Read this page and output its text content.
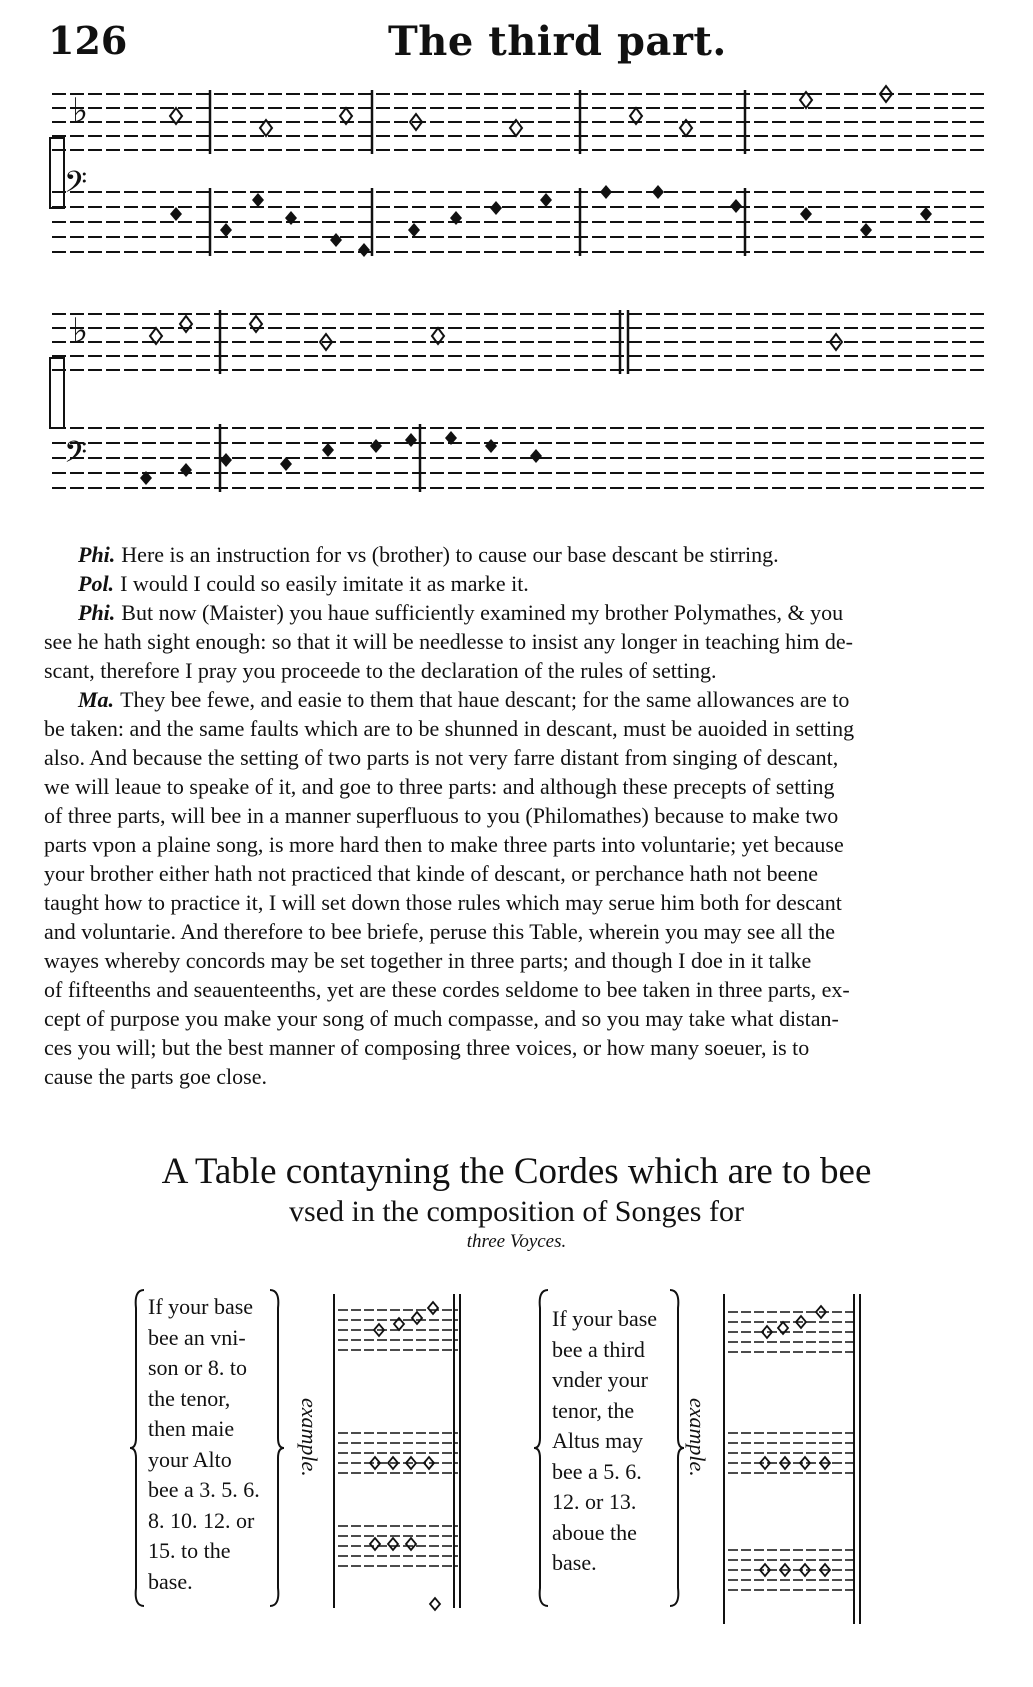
126	The third part.
𝄢
♭
𝄢
♭

Phi. Here is an instruction for vs (brother) to cause our base descant be stirring.

Pol. I would I could so easily imitate it as marke it.

Phi. But now (Maister) you haue sufficiently examined my brother Polymathes, & you
see he hath sight enough: so that it will be needlesse to insist any longer in teaching him de-
scant, therefore I pray you proceede to the declaration of the rules of setting.

Ma. They bee fewe, and easie to them that haue descant; for the same allowances are to
be taken: and the same faults which are to be shunned in descant, must be auoided in setting
also. And because the setting of two parts is not very farre distant from singing of descant,
we will leaue to speake of it, and goe to three parts: and although these precepts of setting
of three parts, will bee in a manner superfluous to you (Philomathes) because to make two
parts vpon a plaine song, is more hard then to make three parts into voluntarie; yet because
your brother either hath not practiced that kinde of descant, or perchance hath not beene
taught how to practice it, I will set down those rules which may serue him both for descant
and voluntarie. And therefore to bee briefe, peruse this Table, wherein you may see all the
wayes whereby concords may be set together in three parts; and though I doe in it talke
of fifteenths and seauenteenths, yet are these cordes seldome to bee taken in three parts, ex-
cept of purpose you make your song of much compasse, and so you may take what distan-
ces you will; but the best manner of composing three voices, or how many soeuer, is to
cause the parts goe close.

A Table contayning the Cordes which are to bee
vsed in the composition of Songes for
three Voyces.
If your base
bee an vni-
son or 8. to
the tenor,
then maie
your Alto
bee a 3. 5. 6.
8. 10. 12. or
15. to the
base.
example.
If your base
bee a third
vnder your
tenor, the
Altus may
bee a 5. 6.
12. or 13.
aboue the
base.
example.
